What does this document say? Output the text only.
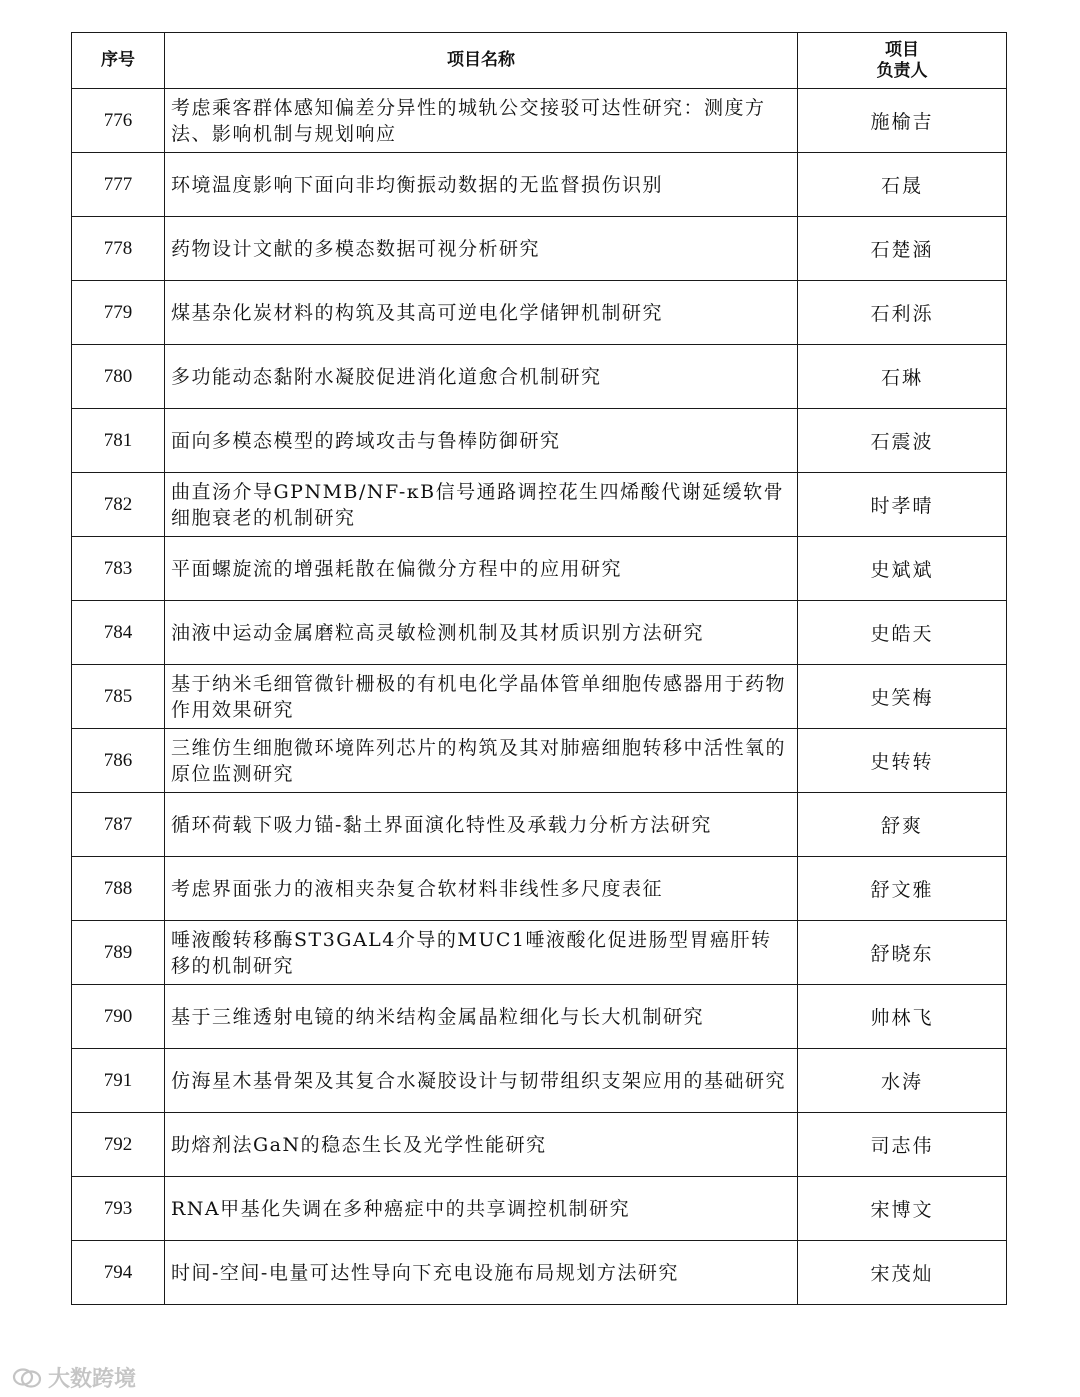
序号	项目名称	项目
负责人

776	考虑乘客群体感知偏差分异性的城轨公交接驳可达性研究：测度方法、影响机制与规划响应	施榆吉
777	环境温度影响下面向非均衡振动数据的无监督损伤识别	石晟
778	药物设计文献的多模态数据可视分析研究	石楚涵
779	煤基杂化炭材料的构筑及其高可逆电化学储钾机制研究	石利泺
780	多功能动态黏附水凝胶促进消化道愈合机制研究	石琳
781	面向多模态模型的跨域攻击与鲁棒防御研究	石震波
782	曲直汤介导GPNMB/NF-κB信号通路调控花生四烯酸代谢延缓软骨细胞衰老的机制研究	时孝晴
783	平面螺旋流的增强耗散在偏微分方程中的应用研究	史斌斌
784	油液中运动金属磨粒高灵敏检测机制及其材质识别方法研究	史皓天
785	基于纳米毛细管微针栅极的有机电化学晶体管单细胞传感器用于药物作用效果研究	史笑梅
786	三维仿生细胞微环境阵列芯片的构筑及其对肺癌细胞转移中活性氧的原位监测研究	史转转
787	循环荷载下吸力锚-黏土界面演化特性及承载力分析方法研究	舒爽
788	考虑界面张力的液相夹杂复合软材料非线性多尺度表征	舒文雅
789	唾液酸转移酶ST3GAL4介导的MUC1唾液酸化促进肠型胃癌肝转移的机制研究	舒晓东
790	基于三维透射电镜的纳米结构金属晶粒细化与长大机制研究	帅林飞
791	仿海星木基骨架及其复合水凝胶设计与韧带组织支架应用的基础研究	水涛
792	助熔剂法GaN的稳态生长及光学性能研究	司志伟
793	RNA甲基化失调在多种癌症中的共享调控机制研究	宋博文
794	时间-空间-电量可达性导向下充电设施布局规划方法研究	宋茂灿
大数跨境
